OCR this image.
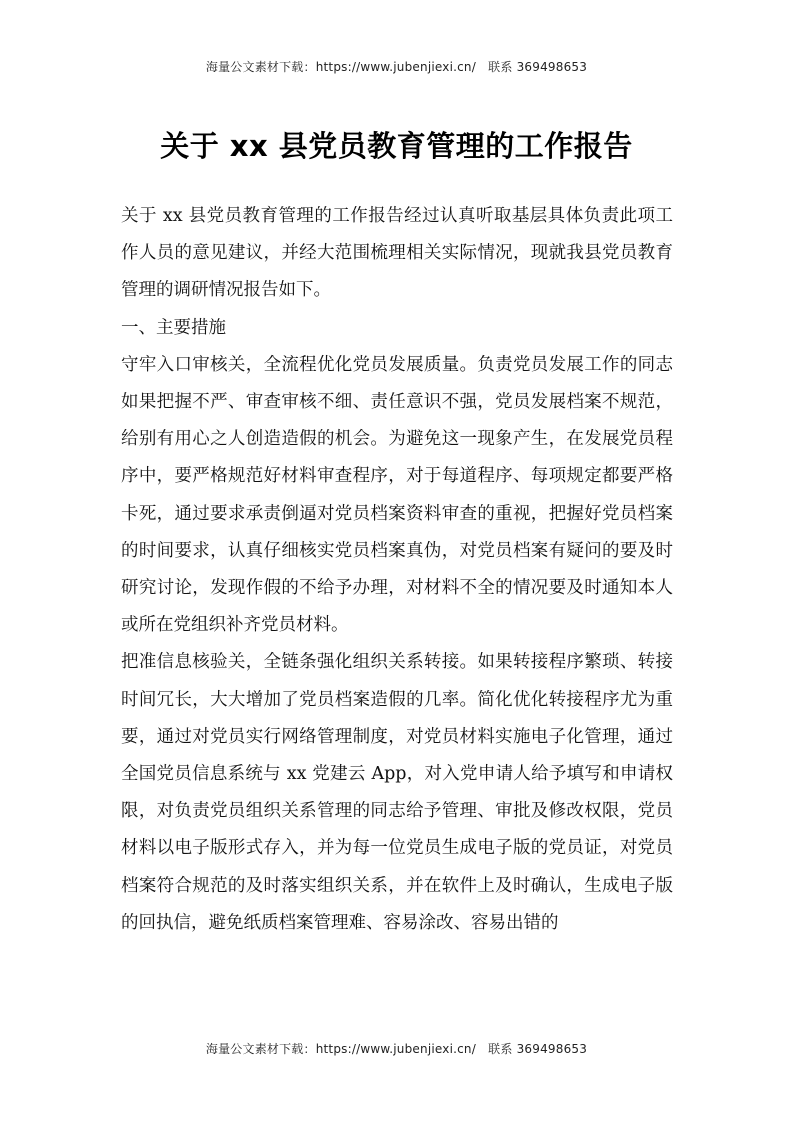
海量公文素材下载：https://www.jubenjiexi.cn/　联系 369498653
关于 xx 县党员教育管理的工作报告

关于 xx 县党员教育管理的工作报告经过认真听取基层具体负责此项工作人员的意见建议，并经大范围梳理相关实际情况，现就我县党员教育管理的调研情况报告如下。

一、主要措施

守牢入口审核关，全流程优化党员发展质量。负责党员发展工作的同志如果把握不严、审查审核不细、责任意识不强，党员发展档案不规范，给别有用心之人创造造假的机会。为避免这一现象产生，在发展党员程序中，要严格规范好材料审查程序，对于每道程序、每项规定都要严格卡死，通过要求承责倒逼对党员档案资料审查的重视，把握好党员档案的时间要求，认真仔细核实党员档案真伪，对党员档案有疑问的要及时研究讨论，发现作假的不给予办理，对材料不全的情况要及时通知本人或所在党组织补齐党员材料。

把准信息核验关，全链条强化组织关系转接。如果转接程序繁琐、转接时间冗长，大大增加了党员档案造假的几率。简化优化转接程序尤为重要，通过对党员实行网络管理制度，对党员材料实施电子化管理，通过全国党员信息系统与 xx 党建云 App，对入党申请人给予填写和申请权限，对负责党员组织关系管理的同志给予管理、审批及修改权限，党员材料以电子版形式存入，并为每一位党员生成电子版的党员证，对党员档案符合规范的及时落实组织关系，并在软件上及时确认，生成电子版的回执信，避免纸质档案管理难、容易涂改、容易出错的

海量公文素材下载：https://www.jubenjiexi.cn/　联系 369498653
